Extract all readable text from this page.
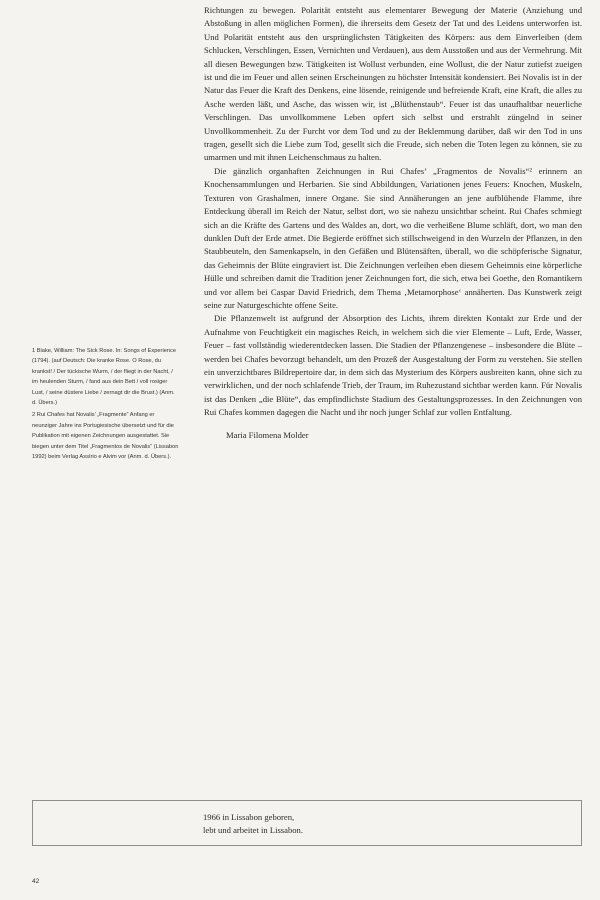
Richtungen zu bewegen. Polarität entsteht aus elementarer Bewegung der Materie (Anziehung und Abstoßung in allen möglichen Formen), die ihrerseits dem Gesetz der Tat und des Leidens unterworfen ist. Und Polarität entsteht aus den ursprünglichsten Tätigkeiten des Körpers: aus dem Einverleiben (dem Schlucken, Verschlingen, Essen, Vernichten und Verdauen), aus dem Ausstoßen und aus der Vermehrung. Mit all diesen Bewegungen bzw. Tätigkeiten ist Wollust verbunden, eine Wollust, die der Natur zutiefst zueigen ist und die im Feuer und allen seinen Erscheinungen zu höchster Intensität kondensiert. Bei Novalis ist in der Natur das Feuer die Kraft des Denkens, eine lösende, reinigende und befreiende Kraft, eine Kraft, die alles zu Asche werden läßt, und Asche, das wissen wir, ist „Blüthenstaub“. Feuer ist das unaufhaltbar neuerliche Verschlingen. Das unvollkommene Leben opfert sich selbst und erstrahlt züngelnd in seiner Unvollkommenheit. Zu der Furcht vor dem Tod und zu der Beklemmung darüber, daß wir den Tod in uns tragen, gesellt sich die Liebe zum Tod, gesellt sich die Freude, sich neben die Toten legen zu können, sie zu umarmen und mit ihnen Leichenschmaus zu halten.

Die gänzlich organhaften Zeichnungen in Rui Chafes’ „Fragmentos de Novalis“² erinnern an Knochensammlungen und Herbarien. Sie sind Abbildungen, Variationen jenes Feuers: Knochen, Muskeln, Texturen von Grashalmen, innere Organe. Sie sind Annäherungen an jene aufblühende Flamme, ihre Entdeckung überall im Reich der Natur, selbst dort, wo sie nahezu unsichtbar scheint. Rui Chafes schmiegt sich an die Kräfte des Gartens und des Waldes an, dort, wo die verheißene Blume schläft, dort, wo man den dunklen Duft der Erde atmet. Die Begierde eröffnet sich stillschweigend in den Wurzeln der Pflanzen, in den Staubbeuteln, den Samenkapseln, in den Gefäßen und Blütensäften, überall, wo die schöpferische Signatur, das Geheimnis der Blüte eingraviert ist. Die Zeichnungen verleihen eben diesem Geheimnis eine körperliche Hülle und schreiben damit die Tradition jener Zeichnungen fort, die sich, etwa bei Goethe, den Romantikern und vor allem bei Caspar David Friedrich, dem Thema ‚Metamorphose‘ annäherten. Das Kunstwerk zeigt seine zur Naturgeschichte offene Seite.

Die Pflanzenwelt ist aufgrund der Absorption des Lichts, ihrem direkten Kontakt zur Erde und der Aufnahme von Feuchtigkeit ein magisches Reich, in welchem sich die vier Elemente – Luft, Erde, Wasser, Feuer – fast vollständig wiederentdecken lassen. Die Stadien der Pflanzengenese – insbesondere die Blüte – werden bei Chafes bevorzugt behandelt, um den Prozeß der Ausgestaltung der Form zu verstehen. Sie stellen ein unverzichtbares Bildrepertoire dar, in dem sich das Mysterium des Körpers ausbreiten kann, ohne sich zu verwirklichen, und der noch schlafende Trieb, der Traum, im Ruhezustand sichtbar werden kann. Für Novalis ist das Denken „die Blüte“, das empfindlichste Stadium des Gestaltungsprozesses. In den Zeichnungen von Rui Chafes kommen dagegen die Nacht und ihr noch junger Schlaf zur vollen Entfaltung.

Maria Filomena Molder

1 Blake, William: The Sick Rose. In: Songs of Experience (1794). (auf Deutsch: Die kranke Rose. O Rose, du krankst! / Der tückische Wurm, / der fliegt in der Nacht, / im heulenden Sturm, / fand aus dein Bett / voll rosiger Lust, / seine düstere Liebe / zernagt dir die Brust.) (Anm. d. Übers.)

2 Rui Chafes hat Novalis’ „Fragmente“ Anfang er neunziger Jahre ins Portugiesische übersetzt und für die Publikation mit eigenen Zeichnungen ausgestattet. Sie biegen unter dem Titel „Fragmentos de Novalis“ (Lissabon 1992) beim Verlag Assírio e Alvim vor (Anm. d. Übers.).

1966 in Lissabon geboren,
lebt und arbeitet in Lissabon.
42
